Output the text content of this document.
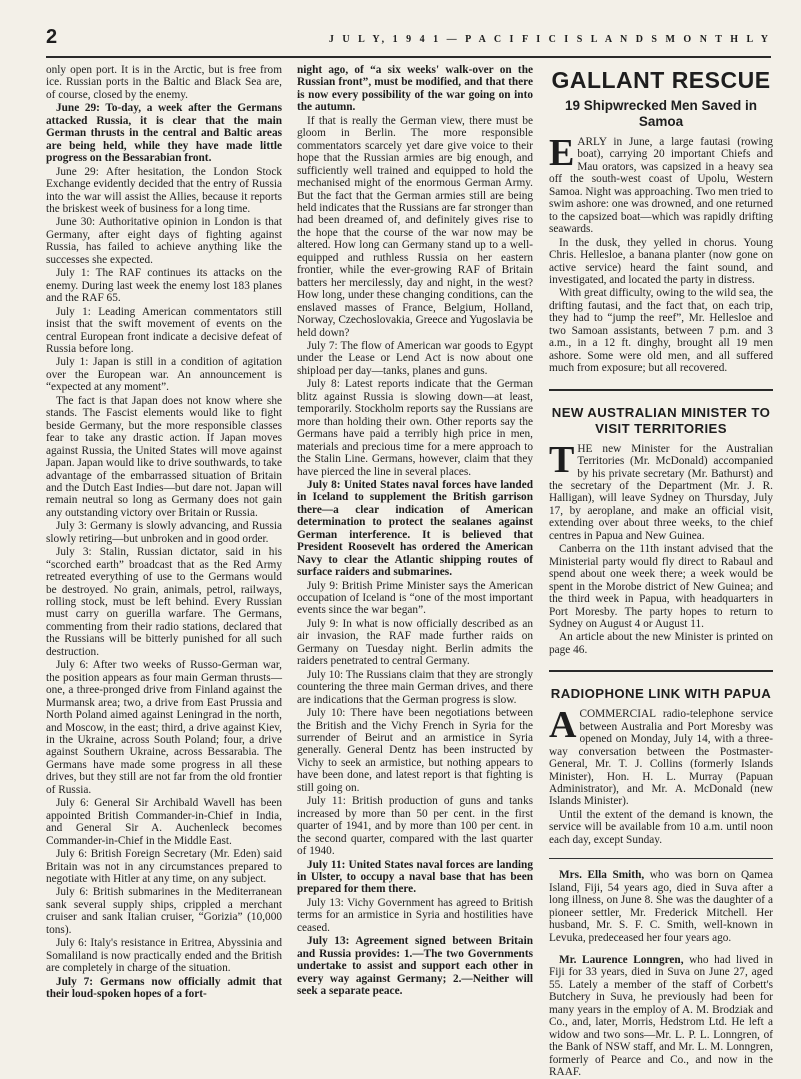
2	J U L Y, 1 9 4 1 — P A C I F I C I S L A N D S M O N T H L Y

only open port. It is in the Arctic, but is free from ice. Russian ports in the Baltic and Black Sea are, of course, closed by the enemy.

June 29: To-day, a week after the Germans attacked Russia, it is clear that the main German thrusts in the central and Baltic areas are being held, while they have made little progress on the Bessarabian front.

June 29: After hesitation, the London Stock Exchange evidently decided that the entry of Russia into the war will assist the Allies, because it reports the briskest week of business for a long time.

June 30: Authoritative opinion in London is that Germany, after eight days of fighting against Russia, has failed to achieve anything like the successes she expected.

July 1: The RAF continues its attacks on the enemy. During last week the enemy lost 183 planes and the RAF 65.

July 1: Leading American commentators still insist that the swift movement of events on the central European front indicate a decisive defeat of Russia before long.

July 1: Japan is still in a condition of agitation over the European war. An announcement is “expected at any moment”.

The fact is that Japan does not know where she stands. The Fascist elements would like to fight beside Germany, but the more responsible classes fear to take any drastic action. If Japan moves against Russia, the United States will move against Japan. Japan would like to drive southwards, to take advantage of the embarrassed situation of Britain and the Dutch East Indies—but dare not. Japan will remain neutral so long as Germany does not gain any outstanding victory over Britain or Russia.

July 3: Germany is slowly advancing, and Russia slowly retiring—but unbroken and in good order.

July 3: Stalin, Russian dictator, said in his “scorched earth” broadcast that as the Red Army retreated everything of use to the Germans would be destroyed. No grain, animals, petrol, railways, rolling stock, must be left behind. Every Russian must carry on guerilla warfare. The Germans, commenting from their radio stations, declared that the Russians will be bitterly punished for all such destruction.

July 6: After two weeks of Russo-German war, the position appears as four main German thrusts—one, a three-pronged drive from Finland against the Murmansk area; two, a drive from East Prussia and North Poland aimed against Leningrad in the north, and Moscow, in the east; third, a drive against Kiev, in the Ukraine, across South Poland; four, a drive against Southern Ukraine, across Bessarabia. The Germans have made some progress in all these drives, but they still are not far from the old frontier of Russia.

July 6: General Sir Archibald Wavell has been appointed British Commander-in-Chief in India, and General Sir A. Auchenleck becomes Commander-in-Chief in the Middle East.

July 6: British Foreign Secretary (Mr. Eden) said Britain was not in any circumstances prepared to negotiate with Hitler at any time, on any subject.

July 6: British submarines in the Mediterranean sank several supply ships, crippled a merchant cruiser and sank Italian cruiser, “Gorizia” (10,000 tons).

July 6: Italy's resistance in Eritrea, Abyssinia and Somaliland is now practically ended and the British are completely in charge of the situation.

July 7: Germans now officially admit that their loud-spoken hopes of a fort-

night ago, of “a six weeks' walk-over on the Russian front”, must be modified, and that there is now every possibility of the war going on into the autumn.

If that is really the German view, there must be gloom in Berlin. The more responsible commentators scarcely yet dare give voice to their hope that the Russian armies are big enough, and sufficiently well trained and equipped to hold the mechanised might of the enormous German Army. But the fact that the German armies still are being held indicates that the Russians are far stronger than had been dreamed of, and definitely gives rise to the hope that the course of the war now may be altered. How long can Germany stand up to a well-equipped and ruthless Russia on her eastern frontier, while the ever-growing RAF of Britain batters her mercilessly, day and night, in the west? How long, under these changing conditions, can the enslaved masses of France, Belgium, Holland, Norway, Czechoslovakia, Greece and Yugoslavia be held down?

July 7: The flow of American war goods to Egypt under the Lease or Lend Act is now about one shipload per day—tanks, planes and guns.

July 8: Latest reports indicate that the German blitz against Russia is slowing down—at least, temporarily. Stockholm reports say the Russians are more than holding their own. Other reports say the Germans have paid a terribly high price in men, materials and precious time for a mere approach to the Stalin Line. Germans, however, claim that they have pierced the line in several places.

July 8: United States naval forces have landed in Iceland to supplement the British garrison there—a clear indication of American determination to protect the sealanes against German interference. It is believed that President Roosevelt has ordered the American Navy to clear the Atlantic shipping routes of surface raiders and submarines.

July 9: British Prime Minister says the American occupation of Iceland is “one of the most important events since the war began”.

July 9: In what is now officially described as an air invasion, the RAF made further raids on Germany on Tuesday night. Berlin admits the raiders penetrated to central Germany.

July 10: The Russians claim that they are strongly countering the three main German drives, and there are indications that the German progress is slow.

July 10: There have been negotiations between the British and the Vichy French in Syria for the surrender of Beirut and an armistice in Syria generally. General Dentz has been instructed by Vichy to seek an armistice, but nothing appears to have been done, and latest report is that fighting is still going on.

July 11: British production of guns and tanks increased by more than 50 per cent. in the first quarter of 1941, and by more than 100 per cent. in the second quarter, compared with the last quarter of 1940.

July 11: United States naval forces are landing in Ulster, to occupy a naval base that has been prepared for them there.

July 13: Vichy Government has agreed to British terms for an armistice in Syria and hostilities have ceased.

July 13: Agreement signed between Britain and Russia provides: 1.—The two Governments undertake to assist and support each other in every way against Germany; 2.—Neither will seek a separate peace.

GALLANT RESCUE
19 Shipwrecked Men Saved in Samoa

EARLY in June, a large fautasi (rowing boat), carrying 20 important Chiefs and Mau orators, was capsized in a heavy sea off the south-west coast of Upolu, Western Samoa. Night was approaching. Two men tried to swim ashore: one was drowned, and one returned to the capsized boat—which was rapidly drifting seawards.

In the dusk, they yelled in chorus. Young Chris. Hellesloe, a banana planter (now gone on active service) heard the faint sound, and investigated, and located the party in distress.

With great difficulty, owing to the wild sea, the drifting fautasi, and the fact that, on each trip, they had to “jump the reef”, Mr. Hellesloe and two Samoan assistants, between 7 p.m. and 3 a.m., in a 12 ft. dinghy, brought all 19 men ashore. Some were old men, and all suffered much from exposure; but all recovered.

NEW AUSTRALIAN MINISTER TO VISIT TERRITORIES

THE new Minister for the Australian Territories (Mr. McDonald) accompanied by his private secretary (Mr. Bathurst) and the secretary of the Department (Mr. J. R. Halligan), will leave Sydney on Thursday, July 17, by aeroplane, and make an official visit, extending over about three weeks, to the chief centres in Papua and New Guinea.

Canberra on the 11th instant advised that the Ministerial party would fly direct to Rabaul and spend about one week there; a week would be spent in the Morobe district of New Guinea; and the third week in Papua, with headquarters in Port Moresby. The party hopes to return to Sydney on August 4 or August 11.

An article about the new Minister is printed on page 46.

RADIOPHONE LINK WITH PAPUA

ACOMMERCIAL radio-telephone service between Australia and Port Moresby was opened on Monday, July 14, with a three-way conversation between the Postmaster-General, Mr. T. J. Collins (formerly Islands Minister), Hon. H. L. Murray (Papuan Administrator), and Mr. A. McDonald (new Islands Minister).

Until the extent of the demand is known, the service will be available from 10 a.m. until noon each day, except Sunday.

Mrs. Ella Smith, who was born on Qamea Island, Fiji, 54 years ago, died in Suva after a long illness, on June 8. She was the daughter of a pioneer settler, Mr. Frederick Mitchell. Her husband, Mr. S. F. C. Smith, well-known in Levuka, predeceased her four years ago.

Mr. Laurence Lonngren, who had lived in Fiji for 33 years, died in Suva on June 27, aged 55. Lately a member of the staff of Corbett's Butchery in Suva, he previously had been for many years in the employ of A. M. Brodziak and Co., and, later, Morris, Hedstrom Ltd. He left a widow and two sons—Mr. L. P. L. Lonngren, of the Bank of NSW staff, and Mr. L. M. Lonngren, formerly of Pearce and Co., and now in the RAAF.
